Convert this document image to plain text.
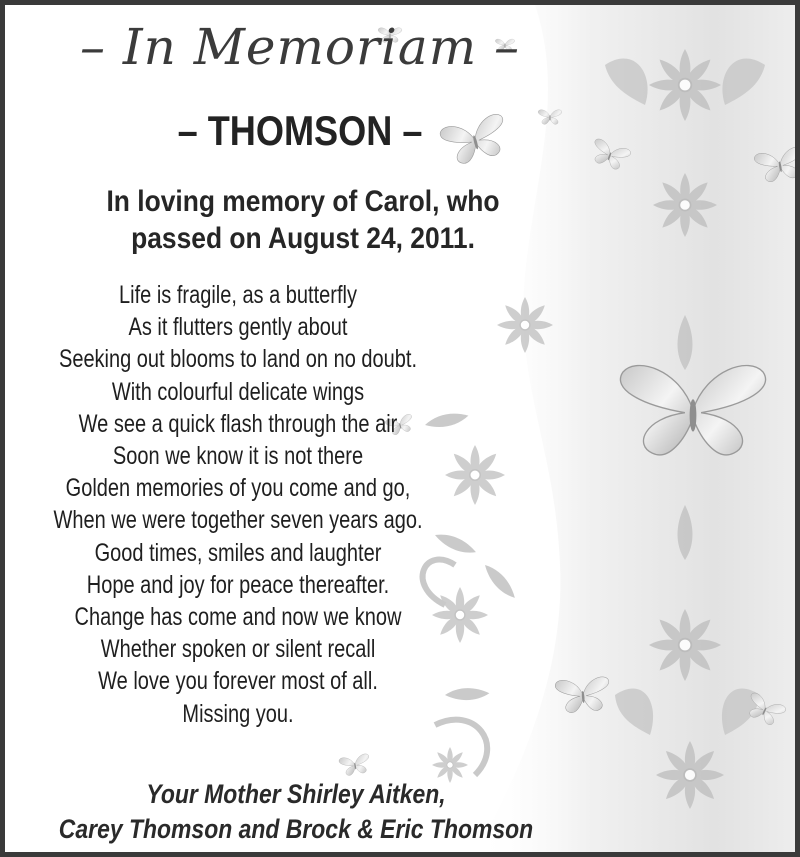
– In Memoriam –
– THOMSON –
In loving memory of Carol, who
passed on August 24, 2011.
Life is fragile, as a butterfly
As it flutters gently about
Seeking out blooms to land on no doubt.
With colourful delicate wings
We see a quick flash through the air
Soon we know it is not there
Golden memories of you come and go,
When we were together seven years ago.
Good times, smiles and laughter
Hope and joy for peace thereafter.
Change has come and now we know
Whether spoken or silent recall
We love you forever most of all.
Missing you.
Your Mother Shirley Aitken,
Carey Thomson and Brock & Eric Thomson
